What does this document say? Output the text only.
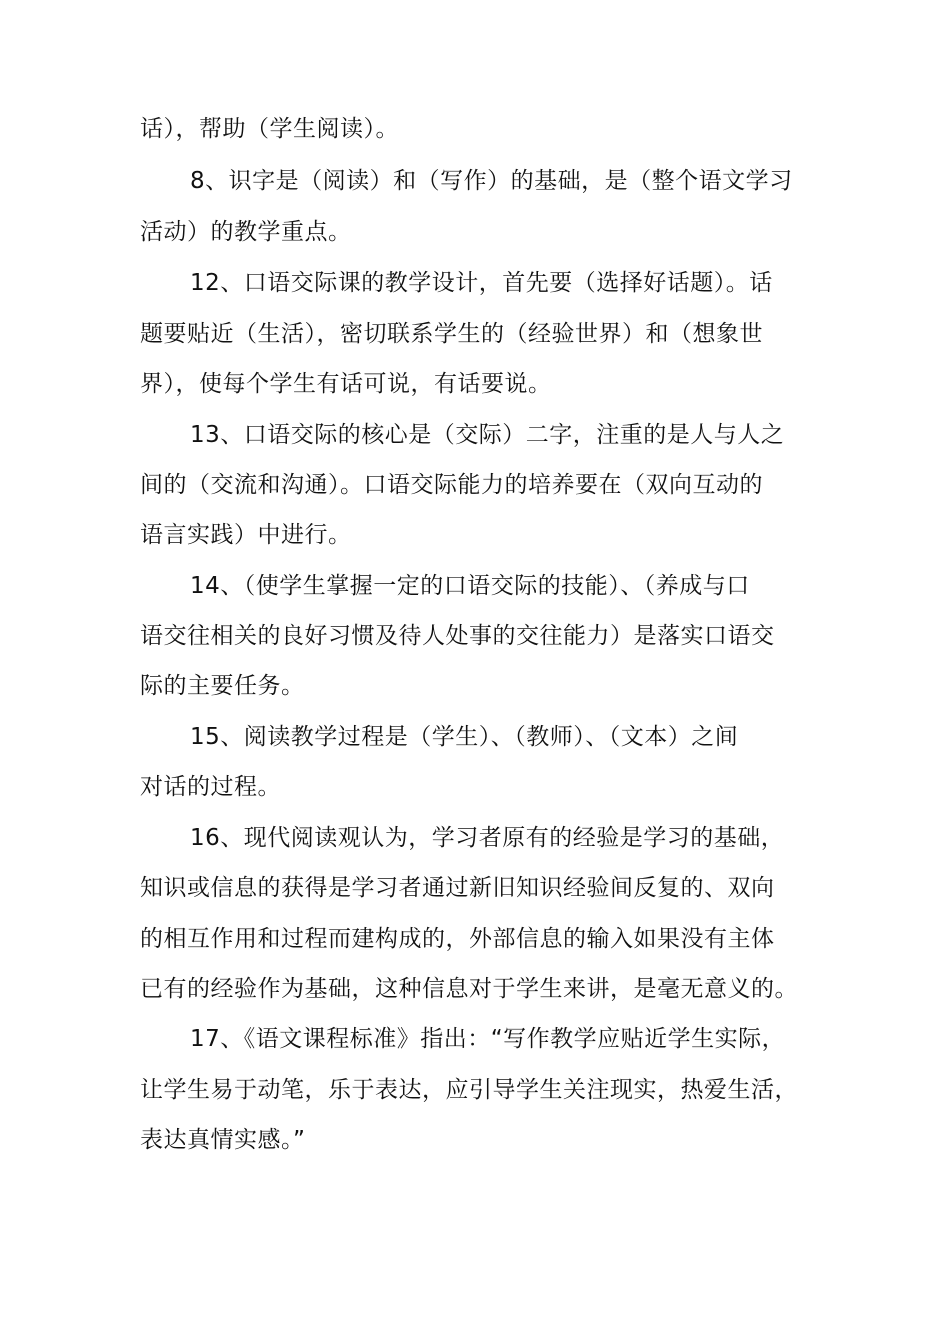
话），帮助（学生阅读）。
8、识字是（阅读）和（写作）的基础，是（整个语文学习
活动）的教学重点。
12、口语交际课的教学设计，首先要（选择好话题）。话
题要贴近（生活），密切联系学生的（经验世界）和（想象世
界），使每个学生有话可说，有话要说。
13、口语交际的核心是（交际）二字，注重的是人与人之
间的（交流和沟通）。口语交际能力的培养要在（双向互动的
语言实践）中进行。
14、（使学生掌握一定的口语交际的技能）、（养成与口
语交往相关的良好习惯及待人处事的交往能力）是落实口语交
际的主要任务。
15、阅读教学过程是（学生）、（教师）、（文本）之间
对话的过程。
16、现代阅读观认为，学习者原有的经验是学习的基础，
知识或信息的获得是学习者通过新旧知识经验间反复的、双向
的相互作用和过程而建构成的，外部信息的输入如果没有主体
已有的经验作为基础，这种信息对于学生来讲，是毫无意义的。
17、《语文课程标准》指出：“写作教学应贴近学生实际，
让学生易于动笔，乐于表达，应引导学生关注现实，热爱生活，
表达真情实感。”
